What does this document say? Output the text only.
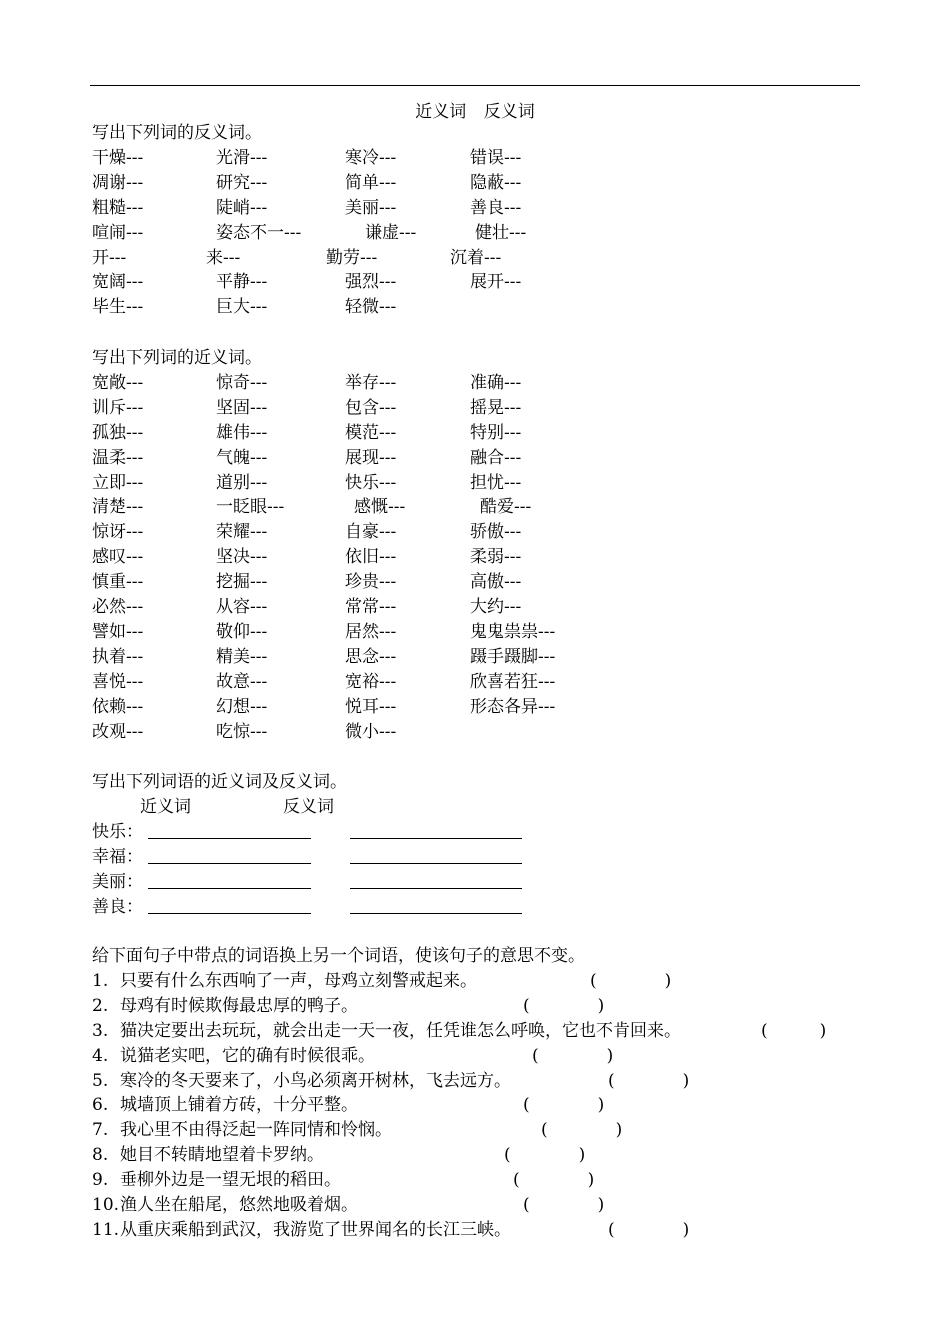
近义词 反义词
写出下列词的反义词。
干燥---	光滑---	寒冷---	错误---
凋谢---	研究---	简单---	隐蔽---
粗糙---	陡峭---	美丽---	善良---
喧闹---	姿态不一---	谦虚---	健壮---
开---	来---	勤劳---	沉着---
宽阔---	平静---	强烈---	展开---
毕生---	巨大---	轻微---
写出下列词的近义词。
宽敞---	惊奇---	举存---	准确---
训斥---	坚固---	包含---	摇晃---
孤独---	雄伟---	模范---	特别---
温柔---	气魄---	展现---	融合---
立即---	道别---	快乐---	担忧---
清楚---	一眨眼---	感慨---	酷爱---
惊讶---	荣耀---	自豪---	骄傲---
感叹---	坚决---	依旧---	柔弱---
慎重---	挖掘---	珍贵---	高傲---
必然---	从容---	常常---	大约---
譬如---	敬仰---	居然---	鬼鬼祟祟---
执着---	精美---	思念---	蹑手蹑脚---
喜悦---	故意---	宽裕---	欣喜若狂---
依赖---	幻想---	悦耳---	形态各异---
改观---	吃惊---	微小---
写出下列词语的近义词及反义词。
近义词	反义词
快乐：
幸福：
美丽：
善良：
给下面句子中带点的词语换上另一个词语，使该句子的意思不变。
1. 只要有什么东西响了一声，母鸡立刻警戒起来。	(	)
2. 母鸡有时候欺侮最忠厚的鸭子。	(	)
3. 猫决定要出去玩玩，就会出走一天一夜，任凭谁怎么呼唤，它也不肯回来。	(	)
4. 说猫老实吧，它的确有时候很乖。	(	)
5. 寒冷的冬天要来了，小鸟必须离开树林，飞去远方。	(	)
6. 城墙顶上铺着方砖，十分平整。	(	)
7. 我心里不由得泛起一阵同情和怜悯。	(	)
8. 她目不转睛地望着卡罗纳。	(	)
9. 垂柳外边是一望无垠的稻田。	(	)
10. 渔人坐在船尾，悠然地吸着烟。	(	)
11. 从重庆乘船到武汉，我游览了世界闻名的长江三峡。	(	)
